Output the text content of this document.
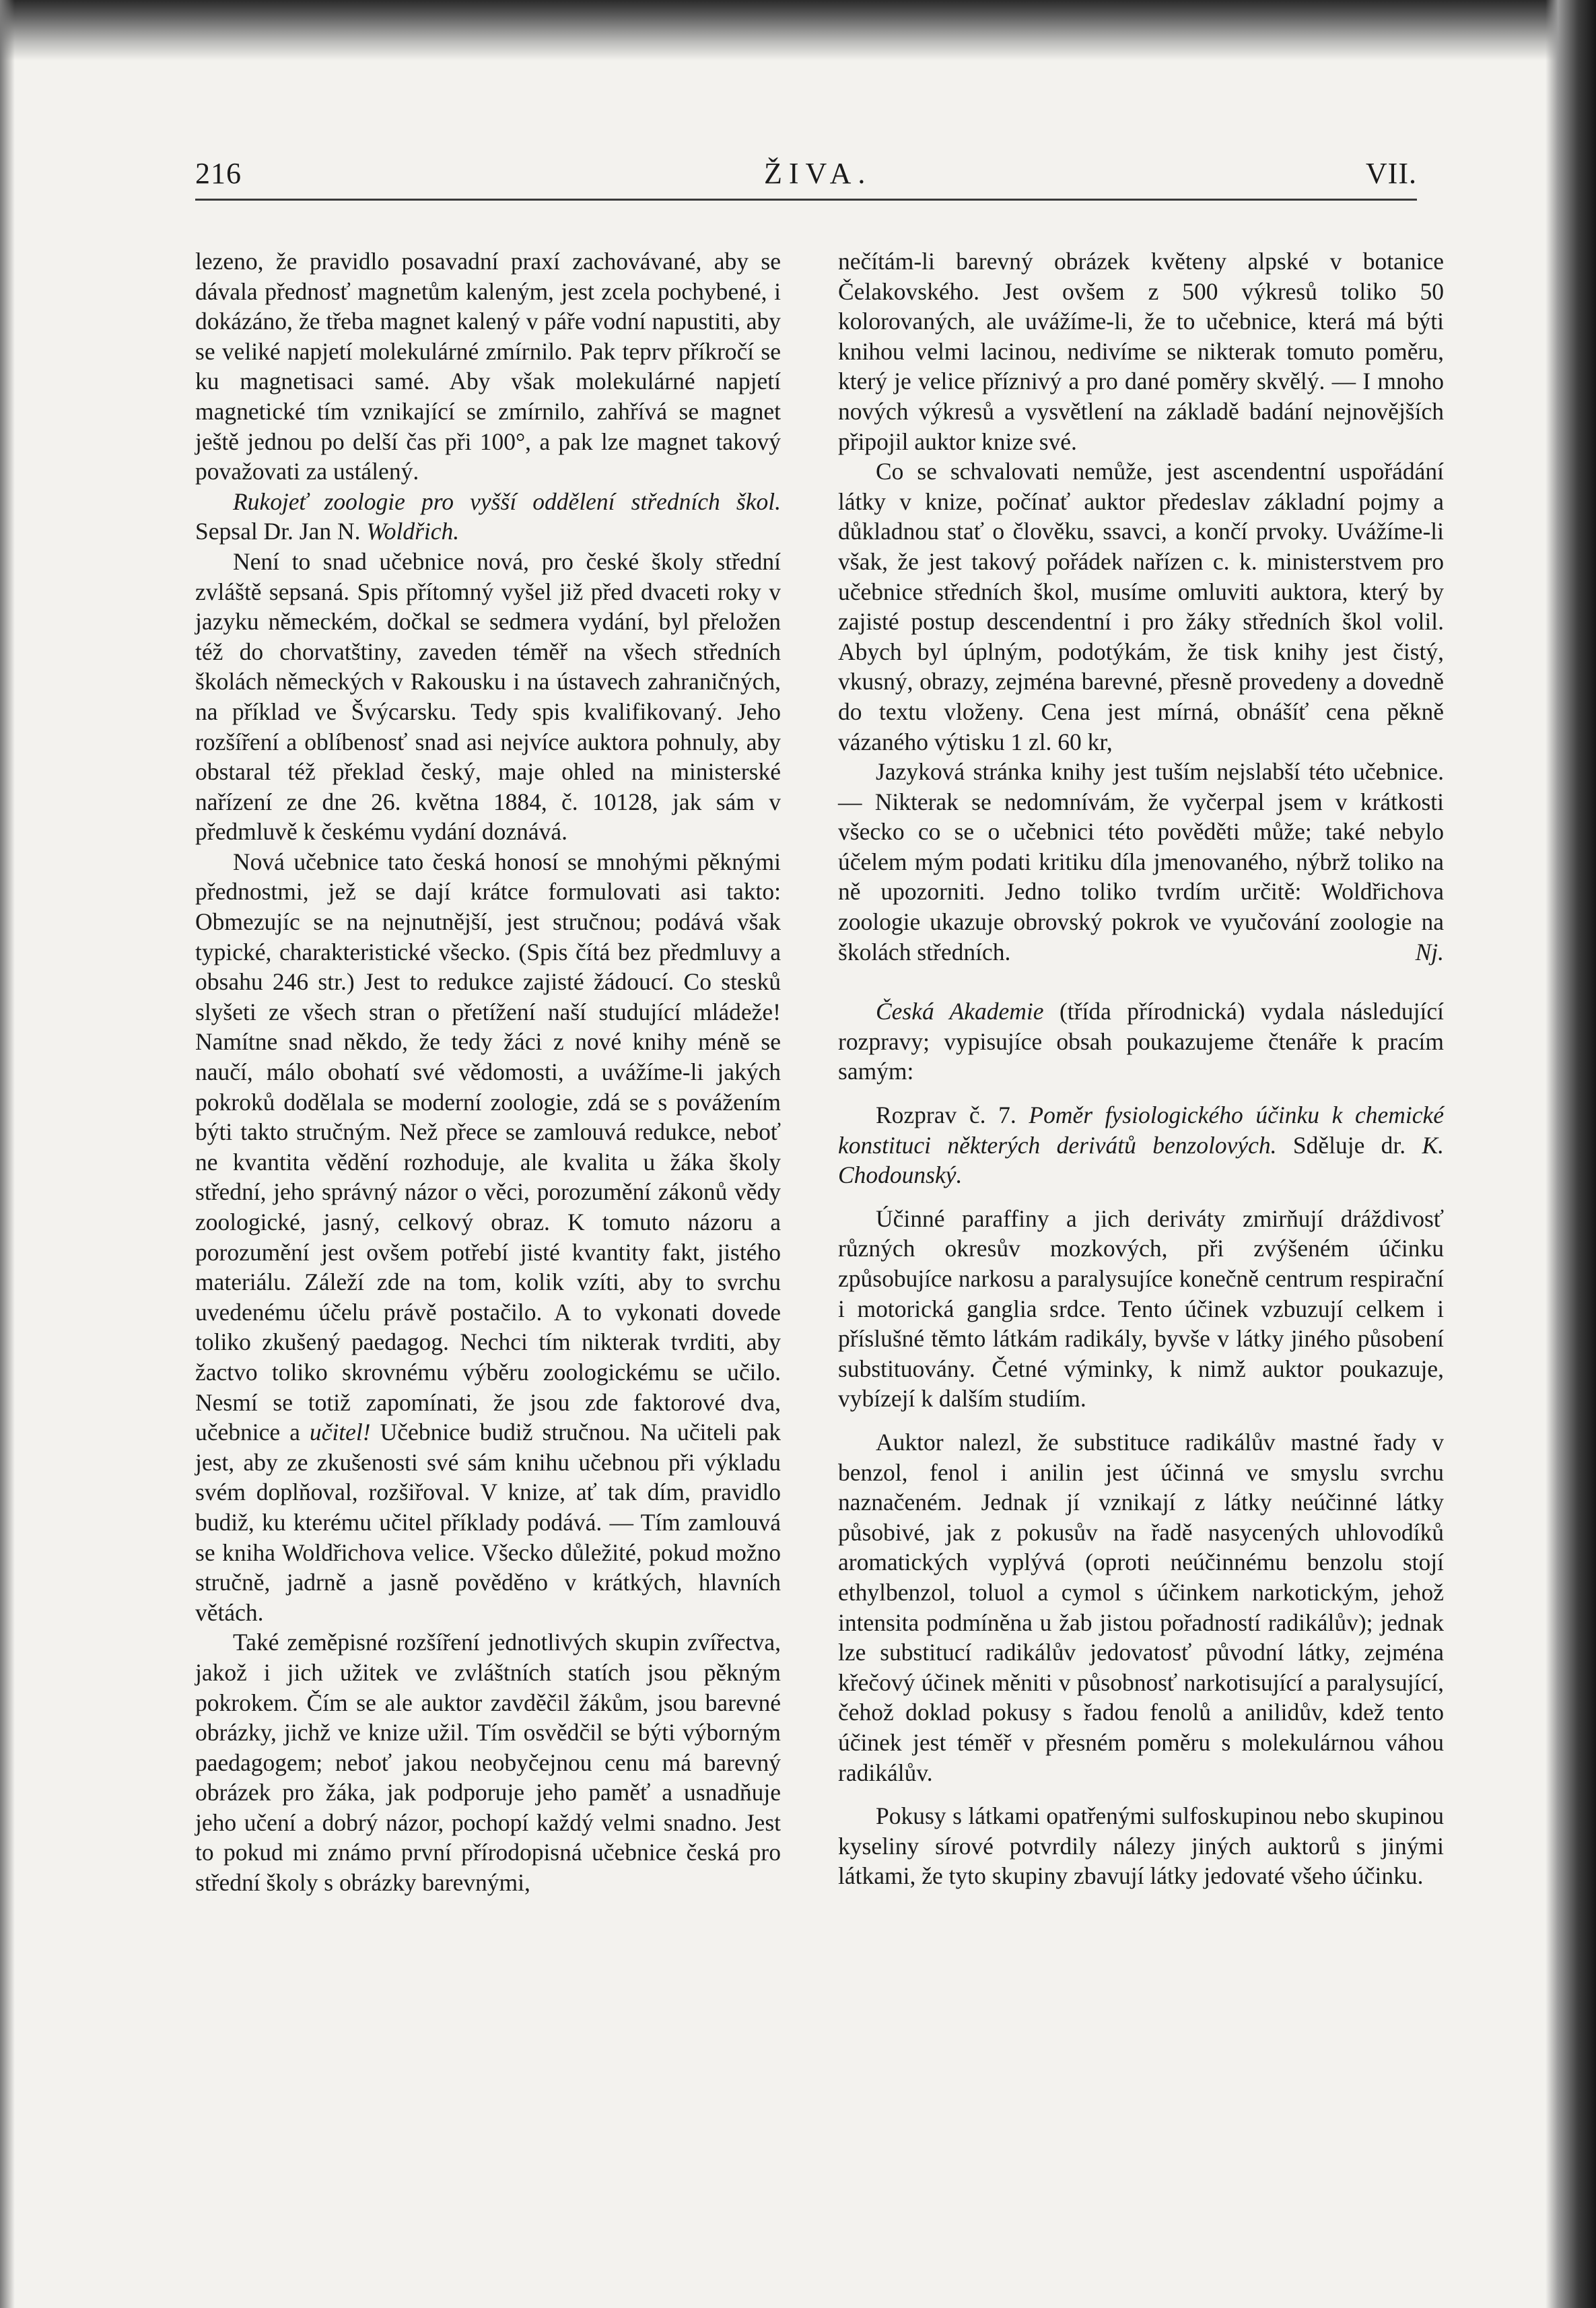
216	ŽIVA.	VII.

lezeno, že pravidlo posavadní praxí zachovávané, aby se dávala přednosť magnetům kaleným, jest zcela pochybené, i dokázáno, že třeba magnet kalený v páře vodní napustiti, aby se veliké napjetí molekulárné zmírnilo. Pak teprv příkročí se ku magnetisaci samé. Aby však molekulárné napjetí magnetické tím vznikající se zmírnilo, zahřívá se magnet ještě jednou po delší čas při 100°, a pak lze magnet takový považovati za ustálený.

Rukojeť zoologie pro vyšší oddělení středních škol. Sepsal Dr. Jan N. Woldřich.

Není to snad učebnice nová, pro české školy střední zvláště sepsaná. Spis přítomný vyšel již před dvaceti roky v jazyku německém, dočkal se sedmera vydání, byl přeložen též do chorvatštiny, zaveden téměř na všech středních školách německých v Rakousku i na ústavech zahraničných, na příklad ve Švýcarsku. Tedy spis kvalifikovaný. Jeho rozšíření a oblíbenosť snad asi nejvíce auktora pohnuly, aby obstaral též překlad český, maje ohled na ministerské nařízení ze dne 26. května 1884, č. 10128, jak sám v předmluvě k českému vydání doznává.

Nová učebnice tato česká honosí se mnohými pěknými přednostmi, jež se dají krátce formulovati asi takto: Obmezujíc se na nejnutnější, jest stručnou; podává však typické, charakteristické všecko. (Spis čítá bez předmluvy a obsahu 246 str.) Jest to redukce zajisté žádoucí. Co stesků slyšeti ze všech stran o přetížení naší studující mládeže! Namítne snad někdo, že tedy žáci z nové knihy méně se naučí, málo obohatí své vědomosti, a uvážíme-li jakých pokroků dodělala se moderní zoologie, zdá se s povážením býti takto stručným. Než přece se zamlouvá redukce, neboť ne kvantita vědění rozhoduje, ale kvalita u žáka školy střední, jeho správný názor o věci, porozumění zákonů vědy zoologické, jasný, celkový obraz. K tomuto názoru a porozumění jest ovšem potřebí jisté kvantity fakt, jistého materiálu. Záleží zde na tom, kolik vzíti, aby to svrchu uvedenému účelu právě postačilo. A to vykonati dovede toliko zkušený paedagog. Nechci tím nikterak tvrditi, aby žactvo toliko skrovnému výběru zoologickému se učilo. Nesmí se totiž zapomínati, že jsou zde faktorové dva, učebnice a učitel! Učebnice budiž stručnou. Na učiteli pak jest, aby ze zkušenosti své sám knihu učebnou při výkladu svém doplňoval, rozšiřoval. V knize, ať tak dím, pravidlo budiž, ku kterému učitel příklady podává. — Tím zamlouvá se kniha Woldřichova velice. Všecko důležité, pokud možno stručně, jadrně a jasně pověděno v krátkých, hlavních větách.

Také zeměpisné rozšíření jednotlivých skupin zvířectva, jakož i jich užitek ve zvláštních statích jsou pěkným pokrokem. Čím se ale auktor zavděčil žákům, jsou barevné obrázky, jichž ve knize užil. Tím osvědčil se býti výborným paedagogem; neboť jakou neobyčejnou cenu má barevný obrázek pro žáka, jak podporuje jeho paměť a usnadňuje jeho učení a dobrý názor, pochopí každý velmi snadno. Jest to pokud mi známo první přírodopisná učebnice česká pro střední školy s obrázky barevnými,

nečítám-li barevný obrázek květeny alpské v botanice Čelakovského. Jest ovšem z 500 výkresů toliko 50 kolorovaných, ale uvážíme-li, že to učebnice, která má býti knihou velmi lacinou, nedivíme se nikterak tomuto poměru, který je velice příznivý a pro dané poměry skvělý. — I mnoho nových výkresů a vysvětlení na základě badání nejnovějších připojil auktor knize své.

Co se schvalovati nemůže, jest ascendentní uspořádání látky v knize, počínať auktor předeslav základní pojmy a důkladnou stať o člověku, ssavci, a končí prvoky. Uvážíme-li však, že jest takový pořádek nařízen c. k. ministerstvem pro učebnice středních škol, musíme omluviti auktora, který by zajisté postup descendentní i pro žáky středních škol volil. Abych byl úplným, podotýkám, že tisk knihy jest čistý, vkusný, obrazy, zejména barevné, přesně provedeny a dovedně do textu vloženy. Cena jest mírná, obnášíť cena pěkně vázaného výtisku 1 zl. 60 kr,

Jazyková stránka knihy jest tuším nejslabší této učebnice. — Nikterak se nedomnívám, že vyčerpal jsem v krátkosti všecko co se o učebnici této pověděti může; také nebylo účelem mým podati kritiku díla jmenovaného, nýbrž toliko na ně upozorniti. Jedno toliko tvrdím určitě: Woldřichova zoologie ukazuje obrovský pokrok ve vyučování zoologie na školách středních.	Nj.

Česká Akademie (třída přírodnická) vydala následující rozpravy; vypisujíce obsah poukazujeme čtenáře k pracím samým:

Rozprav č. 7. Poměr fysiologického účinku k chemické konstituci některých derivátů benzolových. Sděluje dr. K. Chodounský.

Účinné paraffiny a jich deriváty zmirňují dráždivosť různých okresův mozkových, při zvýšeném účinku způsobujíce narkosu a paralysujíce konečně centrum respirační i motorická ganglia srdce. Tento účinek vzbuzují celkem i příslušné těmto látkám radikály, byvše v látky jiného působení substituovány. Četné výminky, k nimž auktor poukazuje, vybízejí k dalším studiím.

Auktor nalezl, že substituce radikálův mastné řady v benzol, fenol i anilin jest účinná ve smyslu svrchu naznačeném. Jednak jí vznikají z látky neúčinné látky působivé, jak z pokusův na řadě nasycených uhlovodíků aromatických vyplývá (oproti neúčinnému benzolu stojí ethylbenzol, toluol a cymol s účinkem narkotickým, jehož intensita podmíněna u žab jistou pořadností radikálův); jednak lze substitucí radikálův jedovatosť původní látky, zejména křečový účinek měniti v působnosť narkotisující a paralysující, čehož doklad pokusy s řadou fenolů a anilidův, kdež tento účinek jest téměř v přesném poměru s molekulárnou váhou radikálův.

Pokusy s látkami opatřenými sulfoskupinou nebo skupinou kyseliny sírové potvrdily nálezy jiných auktorů s jinými látkami, že tyto skupiny zbavují látky jedovaté všeho účinku.
